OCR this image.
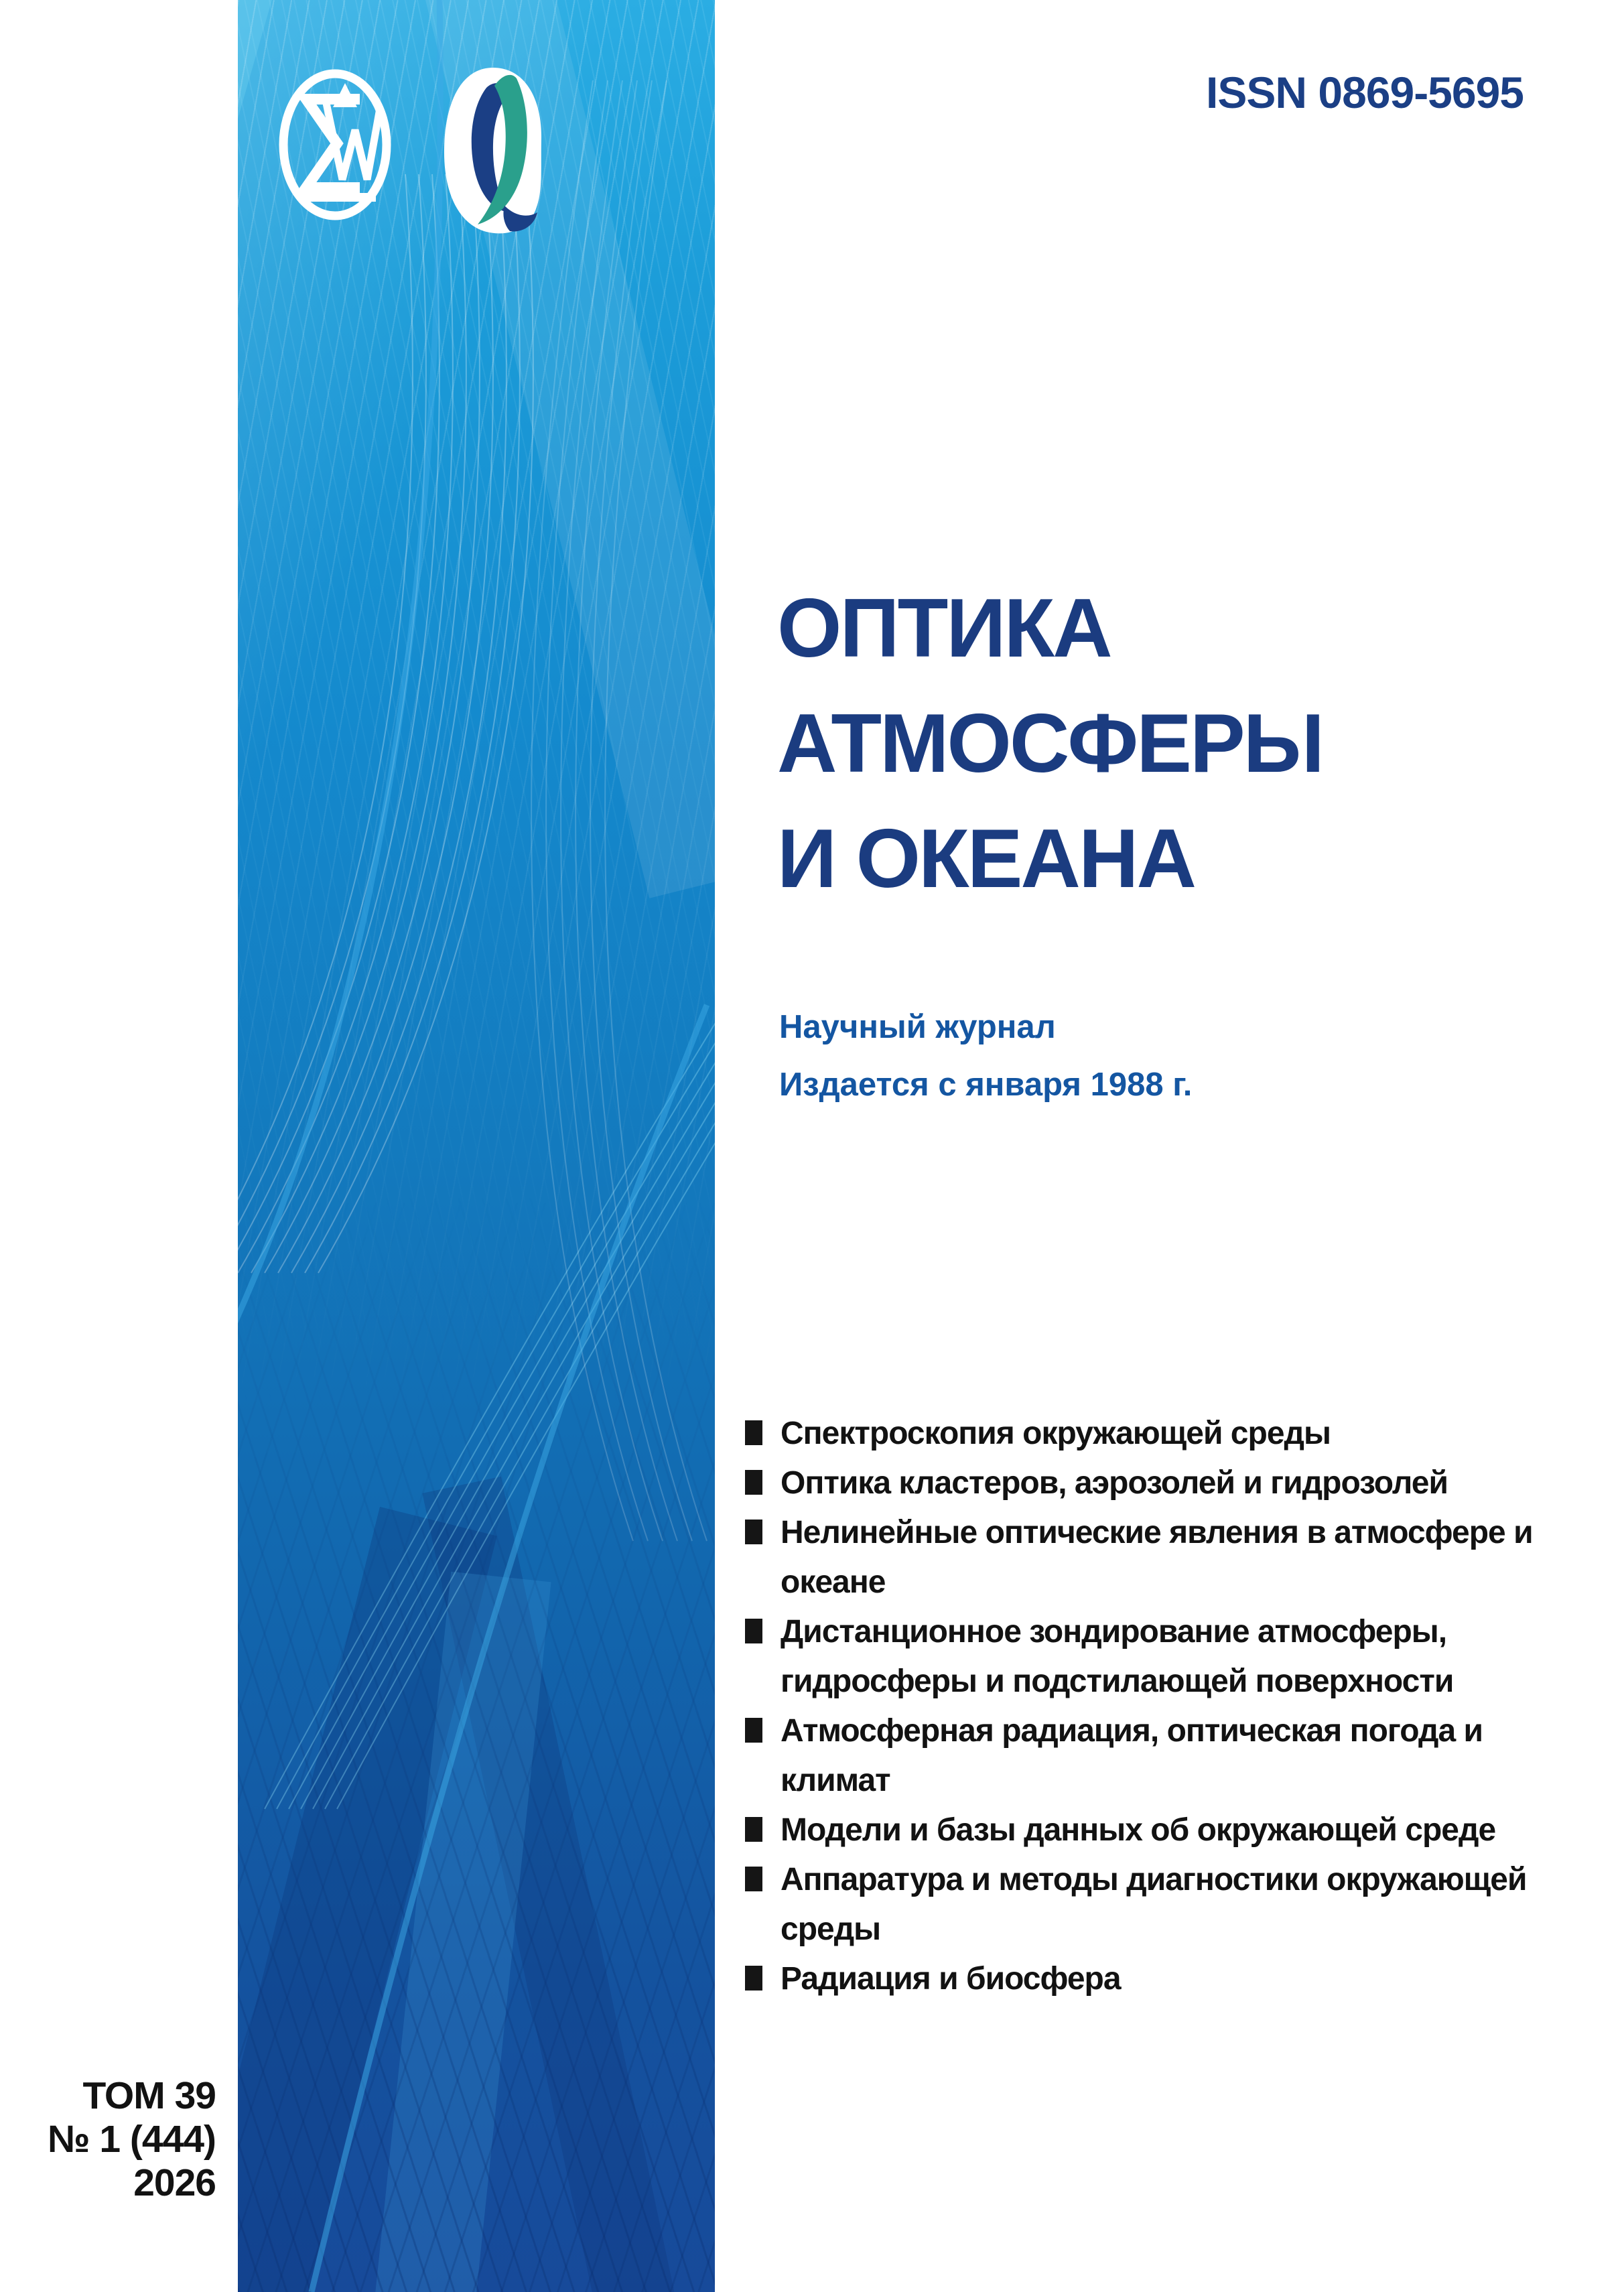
ISSN 0869-5695
ОПТИКА
АТМОСФЕРЫ
И ОКЕАНА
Научный журнал
Издается с января 1988 г.
Спектроскопия окружающей среды
Оптика кластеров, аэрозолей и гидрозолей
Нелинейные оптические явления в атмосфере и океане
Дистанционное зондирование атмосферы, гидросферы и подстилающей поверхности
Атмосферная радиация, оптическая погода и климат
Модели и базы данных об окружающей среде
Аппаратура и методы диагностики окружающей среды
Радиация и биосфера
ТОМ 39
№ 1 (444)
2026
